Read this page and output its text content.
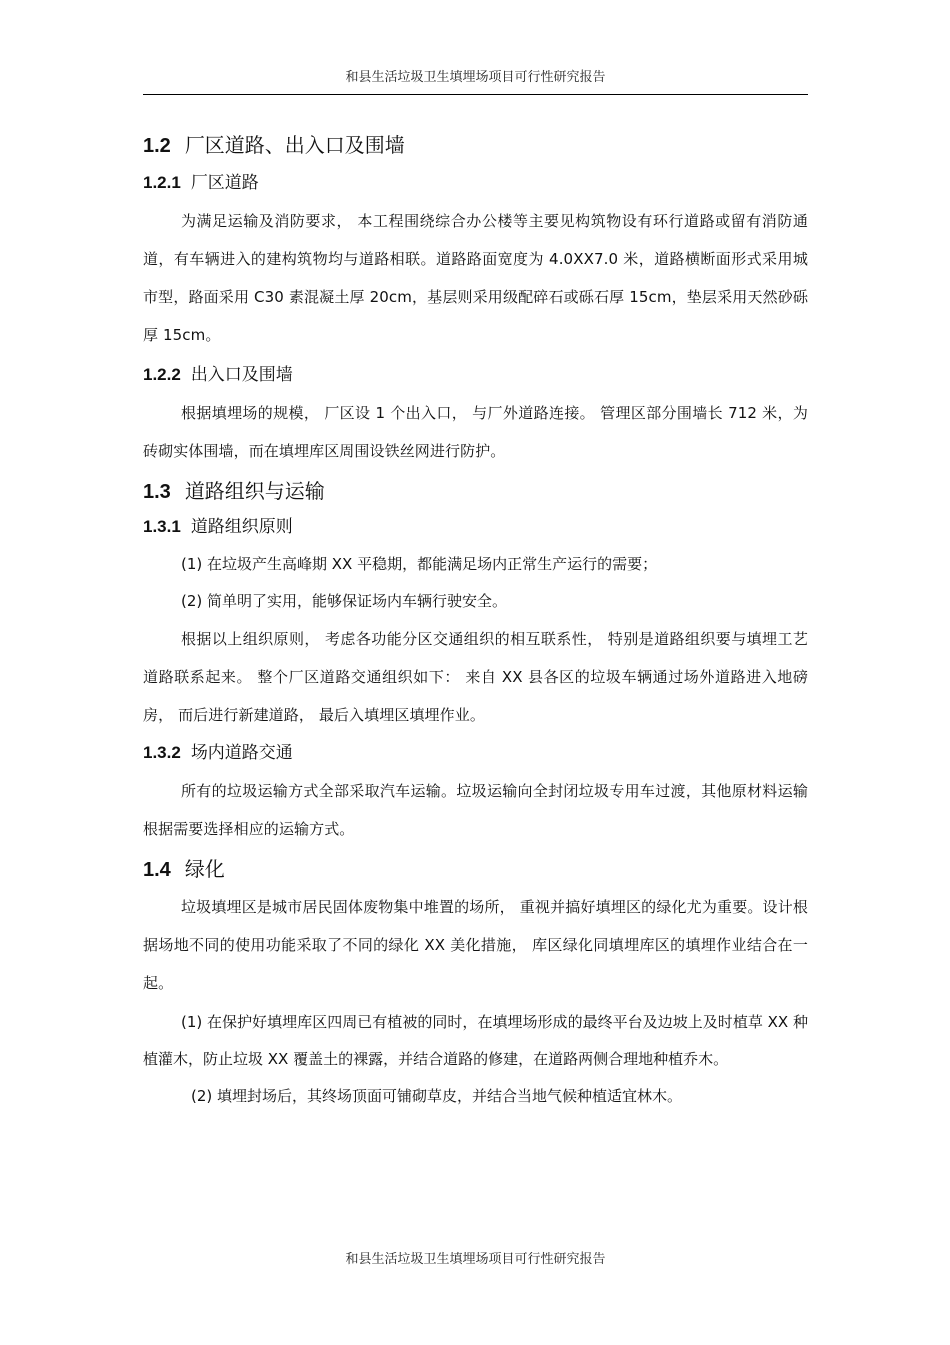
和县生活垃圾卫生填埋场项目可行性研究报告
1.2 厂区道路、出入口及围墙
1.2.1 厂区道路

为满足运输及消防要求， 本工程围绕综合办公楼等主要见构筑物设有环行道路或留有消防通道，有车辆进入的建构筑物均与道路相联。道路路面宽度为 4.0XX7.0 米，道路横断面形式采用城市型，路面采用 C30 素混凝土厚 20cm，基层则采用级配碎石或砾石厚 15cm，垫层采用天然砂砾厚 15cm。

1.2.2 出入口及围墙

根据填埋场的规模， 厂区设 1 个出入口， 与厂外道路连接。 管理区部分围墙长 712 米，为砖砌实体围墙，而在填埋库区周围设铁丝网进行防护。

1.3 道路组织与运输
1.3.1 道路组织原则

(1) 在垃圾产生高峰期 XX 平稳期，都能满足场内正常生产运行的需要；

(2) 简单明了实用，能够保证场内车辆行驶安全。

根据以上组织原则， 考虑各功能分区交通组织的相互联系性， 特别是道路组织要与填埋工艺道路联系起来。 整个厂区道路交通组织如下： 来自 XX 县各区的垃圾车辆通过场外道路进入地磅房， 而后进行新建道路， 最后入填埋区填埋作业。

1.3.2 场内道路交通

所有的垃圾运输方式全部采取汽车运输。垃圾运输向全封闭垃圾专用车过渡，其他原材料运输根据需要选择相应的运输方式。

1.4 绿化

垃圾填埋区是城市居民固体废物集中堆置的场所， 重视并搞好填埋区的绿化尤为重要。设计根据场地不同的使用功能采取了不同的绿化 XX 美化措施， 库区绿化同填埋库区的填埋作业结合在一起。

(1) 在保护好填埋库区四周已有植被的同时，在填埋场形成的最终平台及边坡上及时植草 XX 种植灌木，防止垃圾 XX 覆盖土的裸露，并结合道路的修建，在道路两侧合理地种植乔木。

(2) 填埋封场后，其终场顶面可铺砌草皮，并结合当地气候种植适宜林木。

和县生活垃圾卫生填埋场项目可行性研究报告
